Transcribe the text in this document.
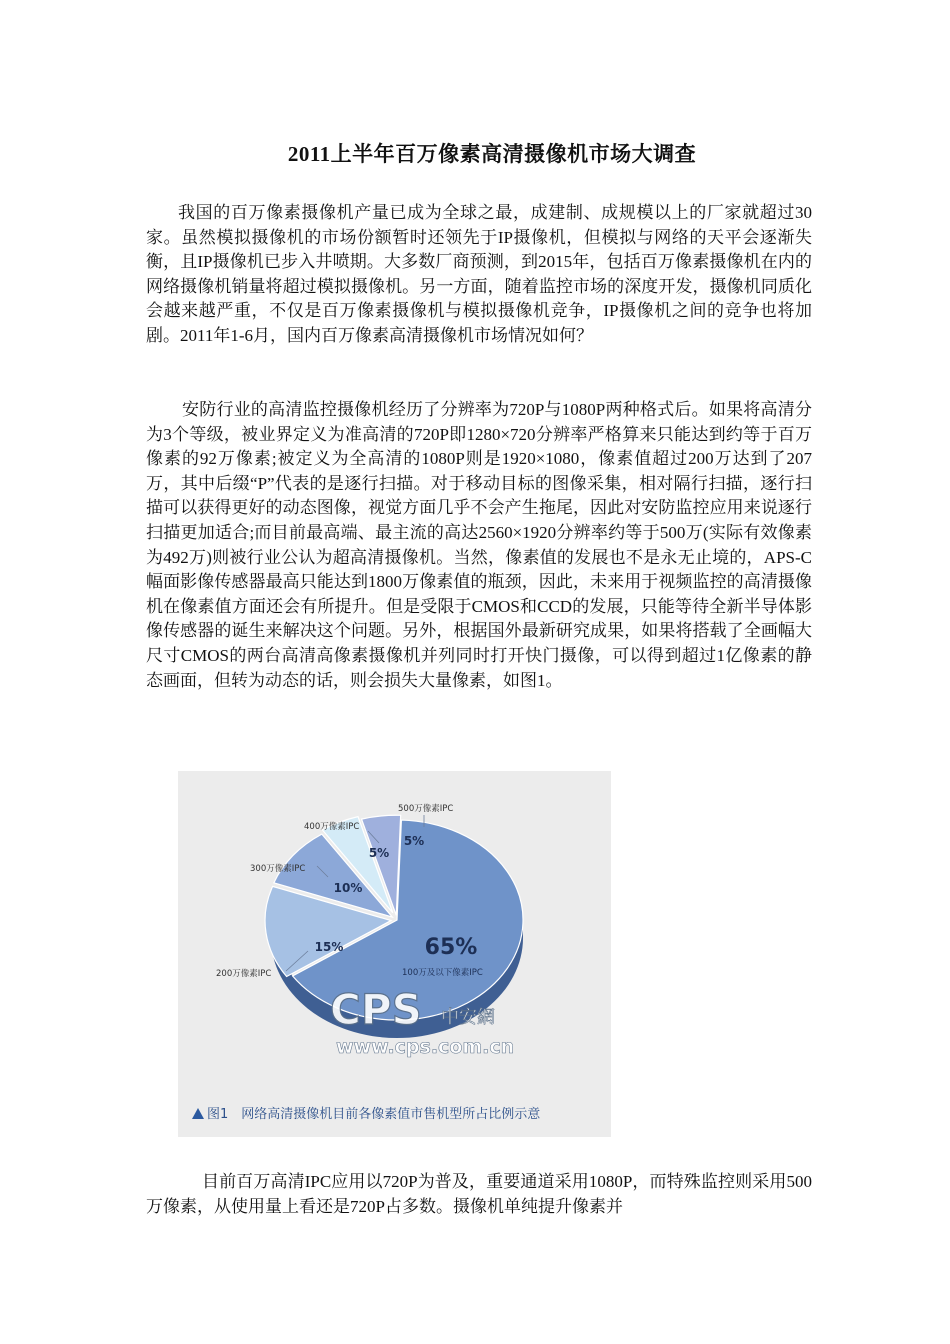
2011上半年百万像素高清摄像机市场大调查

我国的百万像素摄像机产量已成为全球之最，成建制、成规模以上的厂家就超过30家。虽然模拟摄像机的市场份额暂时还领先于IP摄像机，但模拟与网络的天平会逐渐失衡，且IP摄像机已步入井喷期。大多数厂商预测，到2015年，包括百万像素摄像机在内的网络摄像机销量将超过模拟摄像机。另一方面，随着监控市场的深度开发，摄像机同质化会越来越严重，不仅是百万像素摄像机与模拟摄像机竞争，IP摄像机之间的竞争也将加剧。2011年1-6月，国内百万像素高清摄像机市场情况如何？

安防行业的高清监控摄像机经历了分辨率为720P与1080P两种格式后。如果将高清分为3个等级，被业界定义为准高清的720P即1280×720分辨率严格算来只能达到约等于百万像素的92万像素;被定义为全高清的1080P则是1920×1080，像素值超过200万达到了207万，其中后缀“P”代表的是逐行扫描。对于移动目标的图像采集，相对隔行扫描，逐行扫描可以获得更好的动态图像，视觉方面几乎不会产生拖尾，因此对安防监控应用来说逐行扫描更加适合;而目前最高端、最主流的高达2560×1920分辨率约等于500万(实际有效像素为492万)则被行业公认为超高清摄像机。当然，像素值的发展也不是永无止境的，APS-C幅面影像传感器最高只能达到1800万像素值的瓶颈，因此，未来用于视频监控的高清摄像机在像素值方面还会有所提升。但是受限于CMOS和CCD的发展，只能等待全新半导体影像传感器的诞生来解决这个问题。另外，根据国外最新研究成果，如果将搭载了全画幅大尺寸CMOS的两台高清高像素摄像机并列同时打开快门摄像，可以得到超过1亿像素的静态画面，但转为动态的话，则会损失大量像素，如图1。

65%
100万及以下像素IPC
15%
200万像素IPC
10%
300万像素IPC
5%
400万像素IPC
5%
500万像素IPC
CPS 中安網
www.cps.com.cn
图1　网络高清摄像机目前各像素值市售机型所占比例示意

目前百万高清IPC应用以720P为普及，重要通道采用1080P，而特殊监控则采用500万像素，从使用量上看还是720P占多数。摄像机单纯提升像素并
